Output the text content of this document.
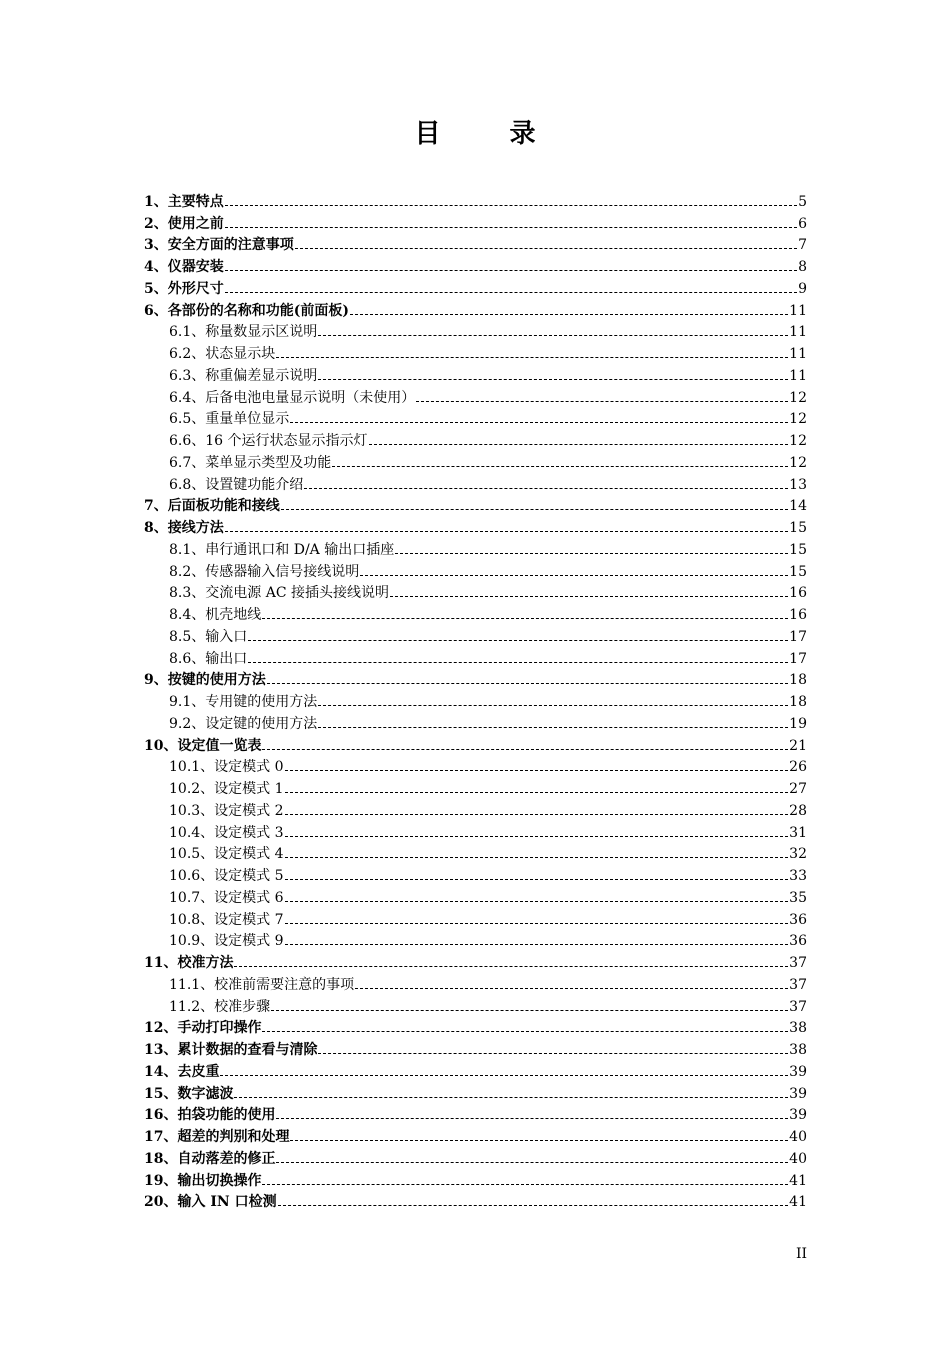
目 录
1、主要特点	5
2、使用之前	6
3、安全方面的注意事项	7
4、仪器安装	8
5、外形尺寸	9
6、各部份的名称和功能(前面板)	11
6.1、称量数显示区说明	11
6.2、状态显示块	11
6.3、称重偏差显示说明	11
6.4、后备电池电量显示说明（未使用）	12
6.5、重量单位显示	12
6.6、16 个运行状态显示指示灯	12
6.7、菜单显示类型及功能	12
6.8、设置键功能介绍	13
7、后面板功能和接线	14
8、接线方法	15
8.1、串行通讯口和 D/A 输出口插座	15
8.2、传感器输入信号接线说明	15
8.3、交流电源 AC 接插头接线说明	16
8.4、机壳地线	16
8.5、输入口	17
8.6、输出口	17
9、按键的使用方法	18
9.1、专用键的使用方法	18
9.2、设定键的使用方法	19
10、设定值一览表	21
10.1、设定模式 0	26
10.2、设定模式 1	27
10.3、设定模式 2	28
10.4、设定模式 3	31
10.5、设定模式 4	32
10.6、设定模式 5	33
10.7、设定模式 6	35
10.8、设定模式 7	36
10.9、设定模式 9	36
11、校准方法	37
11.1、校准前需要注意的事项	37
11.2、校准步骤	37
12、手动打印操作	38
13、累计数据的查看与清除	38
14、去皮重	39
15、数字滤波	39
16、拍袋功能的使用	39
17、超差的判别和处理	40
18、自动落差的修正	40
19、输出切换操作	41
20、输入 IN 口检测	41
II
